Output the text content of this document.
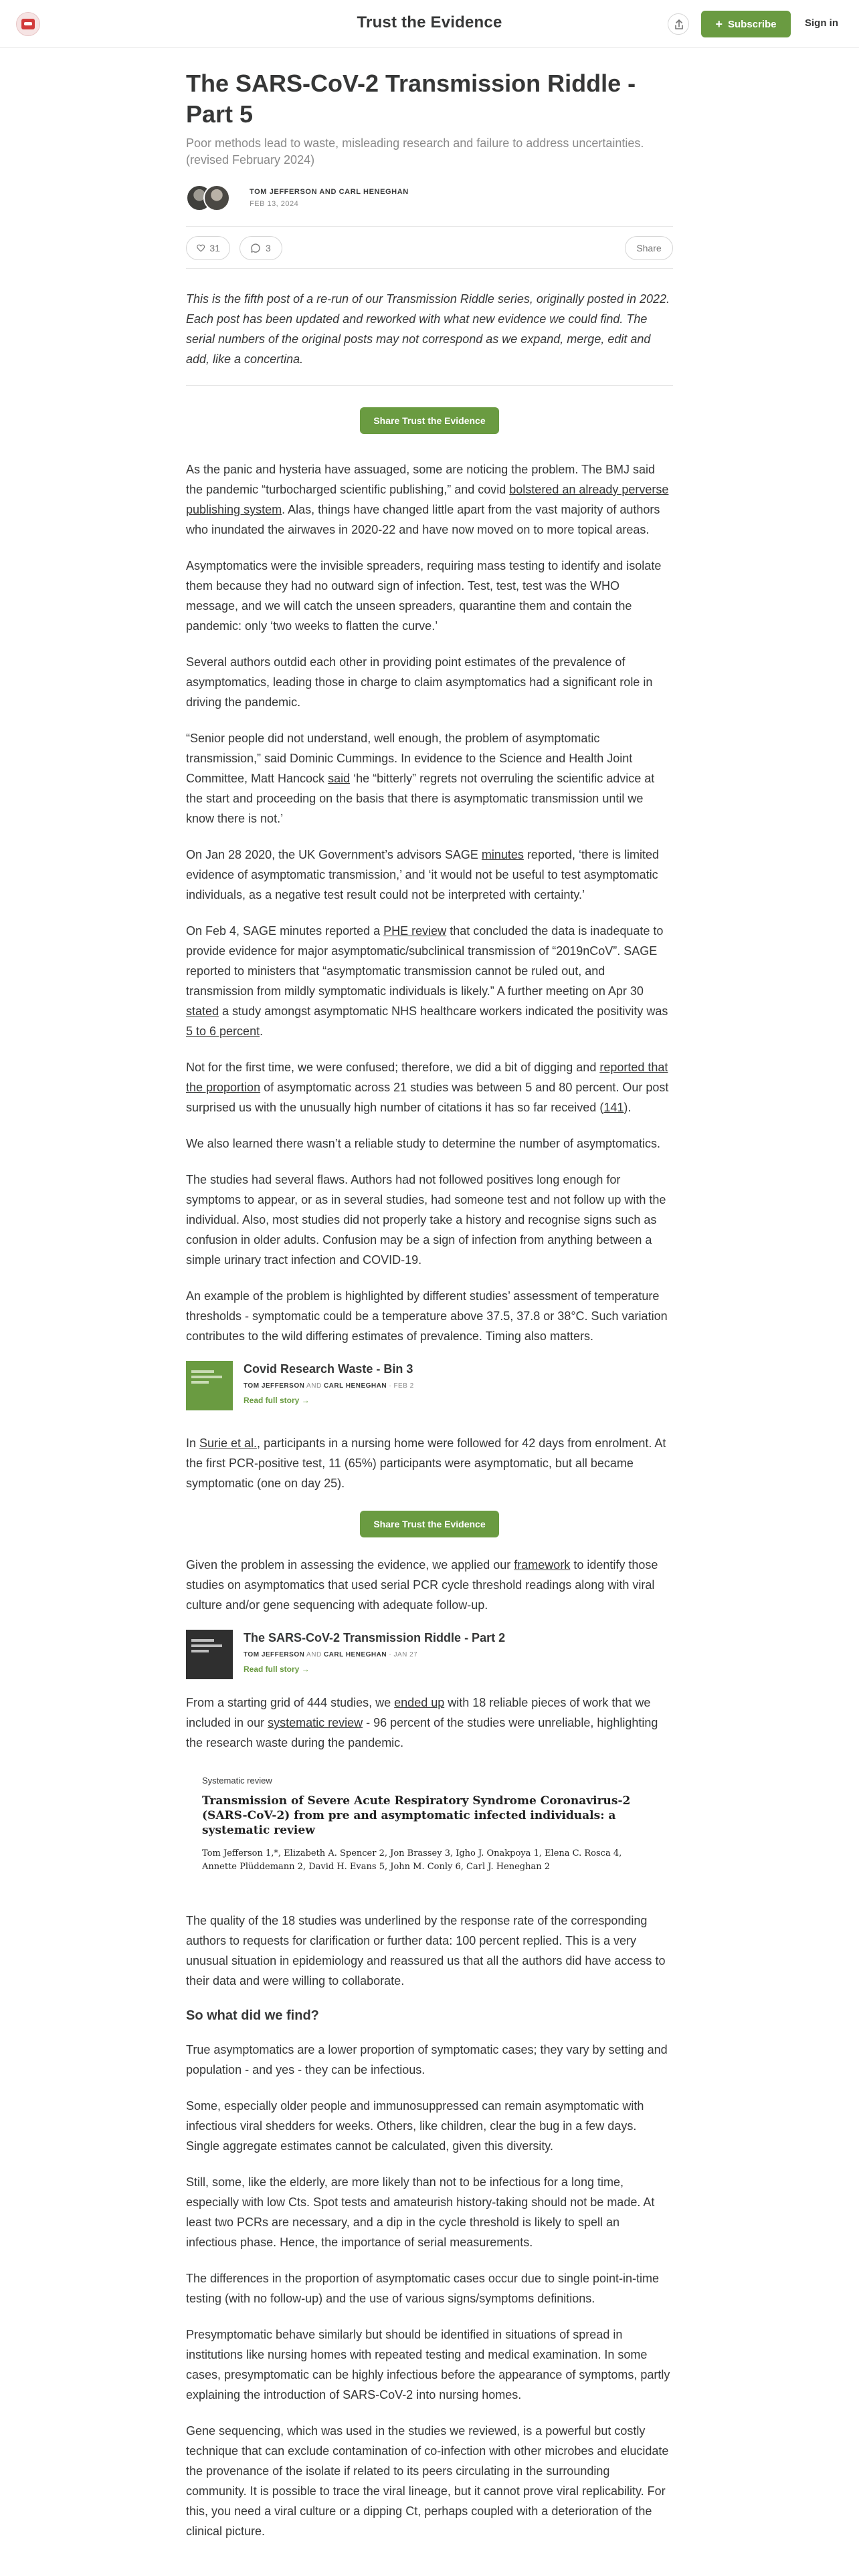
Trust the Evidence	+ Subscribe	Sign in
The SARS-CoV-2 Transmission Riddle - Part 5
Poor methods lead to waste, misleading research and failure to address uncertainties. (revised February 2024)
TOM JEFFERSON AND CARL HENEGHAN
FEB 13, 2024
31	3	Share

This is the fifth post of a re-run of our Transmission Riddle series, originally posted in 2022. Each post has been updated and reworked with what new evidence we could find. The serial numbers of the original posts may not correspond as we expand, merge, edit and add, like a concertina.

Share Trust the Evidence

As the panic and hysteria have assuaged, some are noticing the problem. The BMJ said the pandemic “turbocharged scientific publishing,” and covid bolstered an already perverse publishing system. Alas, things have changed little apart from the vast majority of authors who inundated the airwaves in 2020-22 and have now moved on to more topical areas.

Asymptomatics were the invisible spreaders, requiring mass testing to identify and isolate them because they had no outward sign of infection. Test, test, test was the WHO message, and we will catch the unseen spreaders, quarantine them and contain the pandemic: only ‘two weeks to flatten the curve.’

Several authors outdid each other in providing point estimates of the prevalence of asymptomatics, leading those in charge to claim asymptomatics had a significant role in driving the pandemic.

“Senior people did not understand, well enough, the problem of asymptomatic transmission,” said Dominic Cummings. In evidence to the Science and Health Joint Committee, Matt Hancock said ‘he “bitterly” regrets not overruling the scientific advice at the start and proceeding on the basis that there is asymptomatic transmission until we know there is not.’

On Jan 28 2020, the UK Government’s advisors SAGE minutes reported, ‘there is limited evidence of asymptomatic transmission,’ and ‘it would not be useful to test asymptomatic individuals, as a negative test result could not be interpreted with certainty.’

On Feb 4, SAGE minutes reported a PHE review that concluded the data is inadequate to provide evidence for major asymptomatic/subclinical transmission of “2019nCoV”. SAGE reported to ministers that “asymptomatic transmission cannot be ruled out, and transmission from mildly symptomatic individuals is likely.” A further meeting on Apr 30 stated a study amongst asymptomatic NHS healthcare workers indicated the positivity was 5 to 6 percent.

Not for the first time, we were confused; therefore, we did a bit of digging and reported that the proportion of asymptomatic across 21 studies was between 5 and 80 percent. Our post surprised us with the unusually high number of citations it has so far received (141).

We also learned there wasn’t a reliable study to determine the number of asymptomatics.

The studies had several flaws. Authors had not followed positives long enough for symptoms to appear, or as in several studies, had someone test and not follow up with the individual. Also, most studies did not properly take a history and recognise signs such as confusion in older adults. Confusion may be a sign of infection from anything between a simple urinary tract infection and COVID-19.

An example of the problem is highlighted by different studies’ assessment of temperature thresholds - symptomatic could be a temperature above 37.5, 37.8 or 38°C. Such variation contributes to the wild differing estimates of prevalence. Timing also matters.

Covid Research Waste - Bin 3
TOM JEFFERSON AND CARL HENEGHAN · FEB 2
Read full story →

In Surie et al., participants in a nursing home were followed for 42 days from enrolment. At the first PCR-positive test, 11 (65%) participants were asymptomatic, but all became symptomatic (one on day 25).

Share Trust the Evidence

Given the problem in assessing the evidence, we applied our framework to identify those studies on asymptomatics that used serial PCR cycle threshold readings along with viral culture and/or gene sequencing with adequate follow-up.

The SARS-CoV-2 Transmission Riddle - Part 2
TOM JEFFERSON AND CARL HENEGHAN · JAN 27
Read full story →

From a starting grid of 444 studies, we ended up with 18 reliable pieces of work that we included in our systematic review - 96 percent of the studies were unreliable, highlighting the research waste during the pandemic.

Systematic review
Transmission of Severe Acute Respiratory Syndrome Coronavirus-2 (SARS-CoV-2) from pre and asymptomatic infected individuals: a systematic review
Tom Jefferson 1,*, Elizabeth A. Spencer 2, Jon Brassey 3, Igho J. Onakpoya 1, Elena C. Rosca 4, Annette Plüddemann 2, David H. Evans 5, John M. Conly 6, Carl J. Heneghan 2

The quality of the 18 studies was underlined by the response rate of the corresponding authors to requests for clarification or further data: 100 percent replied. This is a very unusual situation in epidemiology and reassured us that all the authors did have access to their data and were willing to collaborate.

So what did we find?

True asymptomatics are a lower proportion of symptomatic cases; they vary by setting and population - and yes - they can be infectious.

Some, especially older people and immunosuppressed can remain asymptomatic with infectious viral shedders for weeks. Others, like children, clear the bug in a few days. Single aggregate estimates cannot be calculated, given this diversity.

Still, some, like the elderly, are more likely than not to be infectious for a long time, especially with low Cts. Spot tests and amateurish history-taking should not be made. At least two PCRs are necessary, and a dip in the cycle threshold is likely to spell an infectious phase. Hence, the importance of serial measurements.

The differences in the proportion of asymptomatic cases occur due to single point-in-time testing (with no follow-up) and the use of various signs/symptoms definitions.

Presymptomatic behave similarly but should be identified in situations of spread in institutions like nursing homes with repeated testing and medical examination. In some cases, presymptomatic can be highly infectious before the appearance of symptoms, partly explaining the introduction of SARS-CoV-2 into nursing homes.

Gene sequencing, which was used in the studies we reviewed, is a powerful but costly technique that can exclude contamination of co-infection with other microbes and elucidate the provenance of the isolate if related to its peers circulating in the surrounding community. It is possible to trace the viral lineage, but it cannot prove viral replicability. For this, you need a viral culture or a dipping Ct, perhaps coupled with a deterioration of the clinical picture.
